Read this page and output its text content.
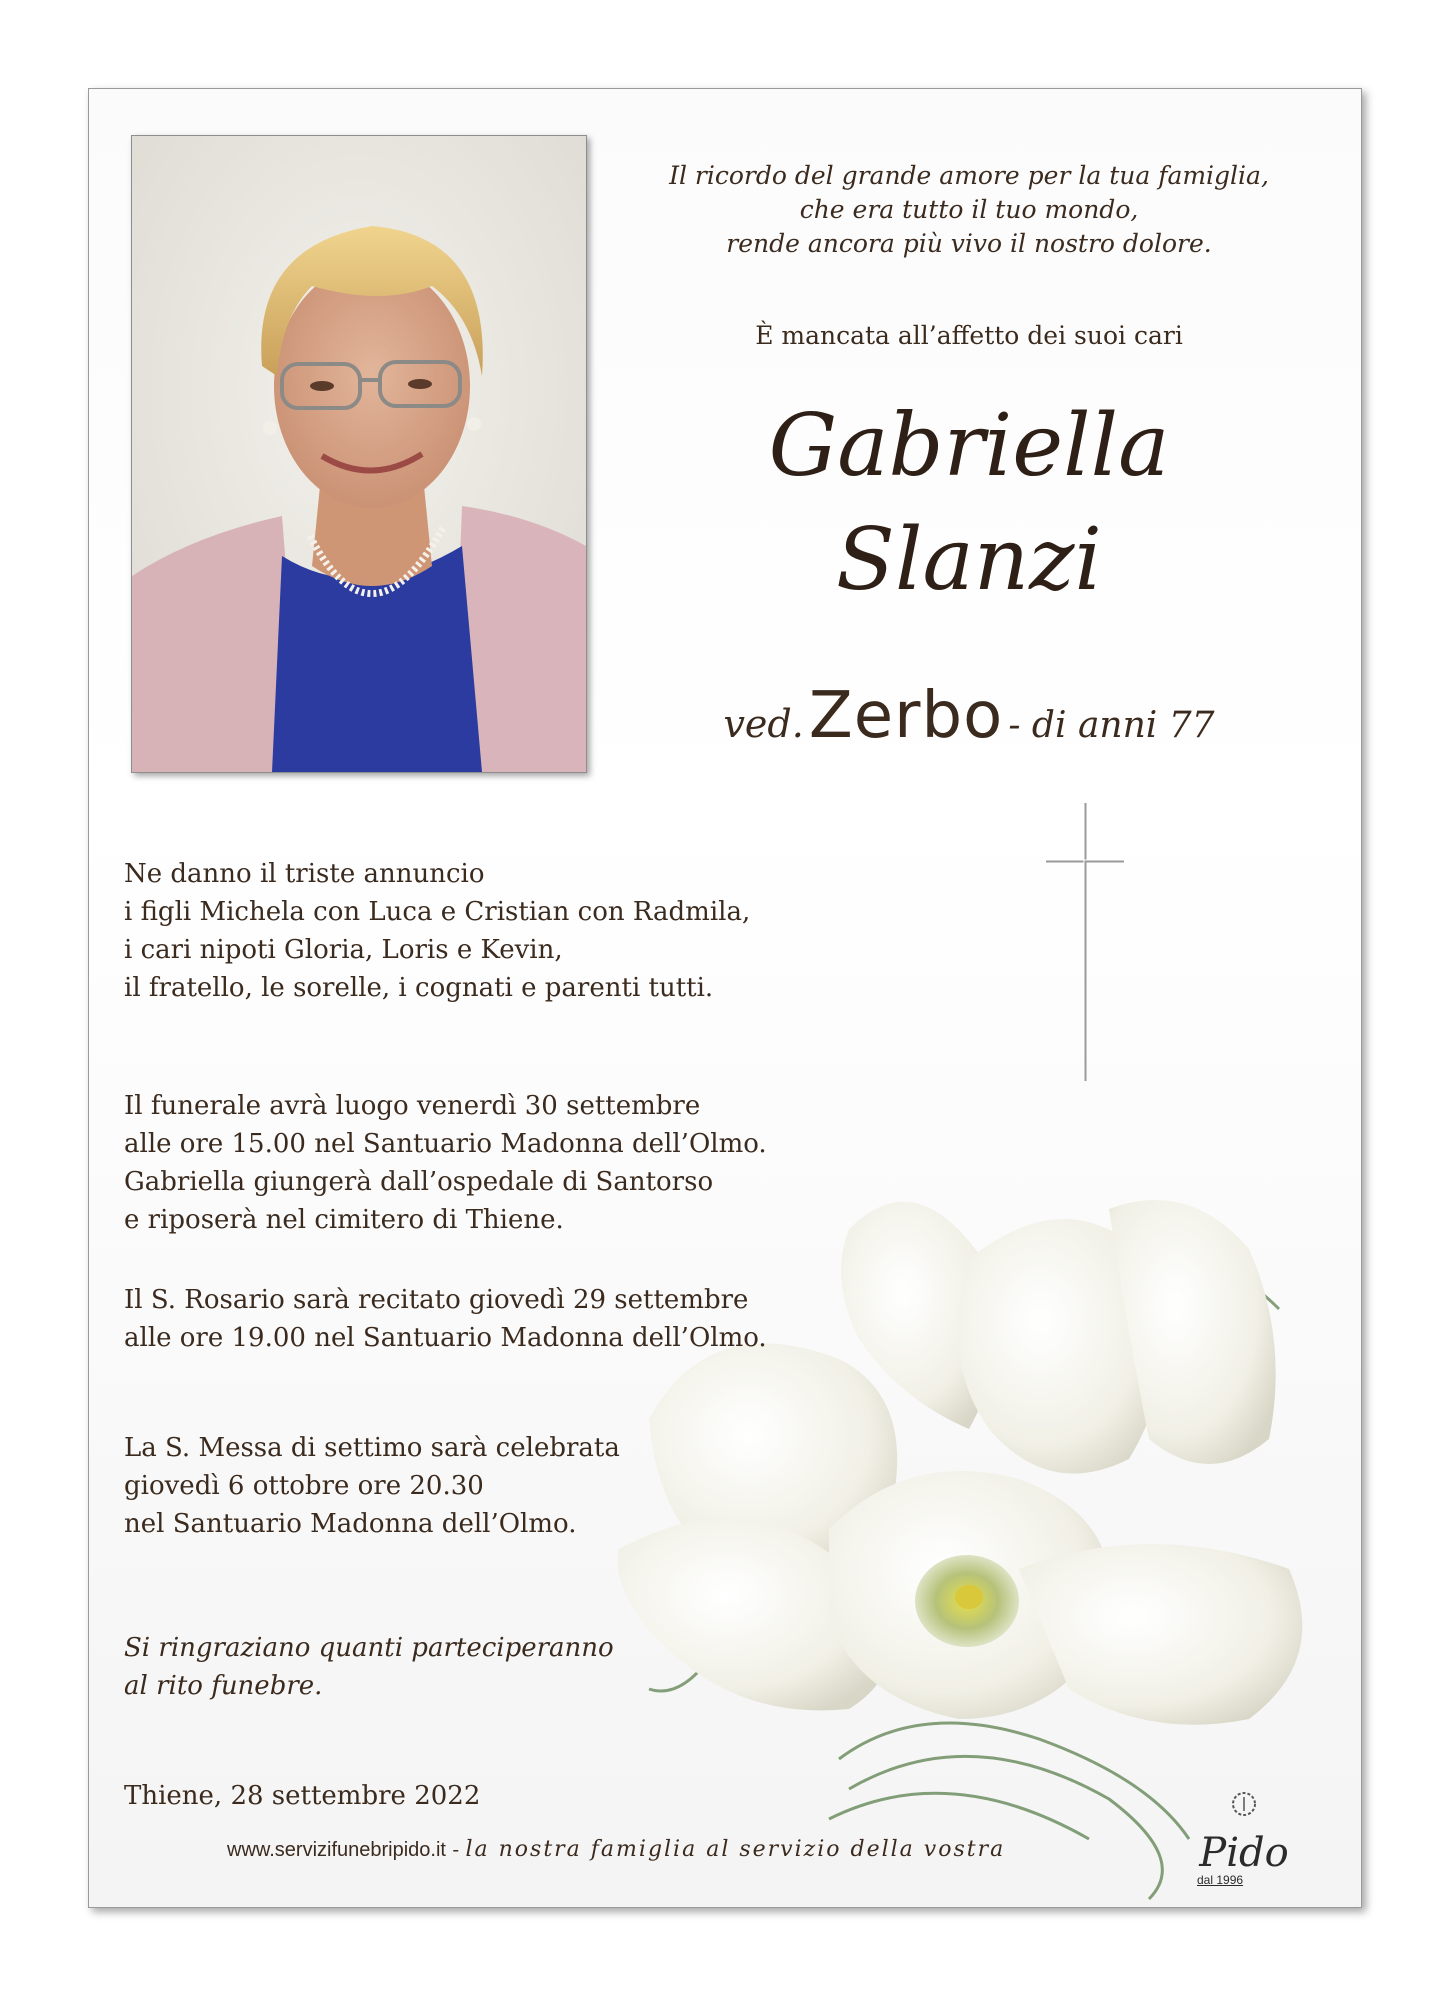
Il ricordo del grande amore per la tua famiglia,
che era tutto il tuo mondo,
rende ancora più vivo il nostro dolore.
È mancata all’affetto dei suoi cari
Gabriella
Slanzi
ved. Zerbo - di anni 77
Ne danno il triste annuncio
i figli Michela con Luca e Cristian con Radmila,
i cari nipoti Gloria, Loris e Kevin,
il fratello, le sorelle, i cognati e parenti tutti.
Il funerale avrà luogo venerdì 30 settembre
alle ore 15.00 nel Santuario Madonna dell’Olmo.
Gabriella giungerà dall’ospedale di Santorso
e riposerà nel cimitero di Thiene.
Il S. Rosario sarà recitato giovedì 29 settembre
alle ore 19.00 nel Santuario Madonna dell’Olmo.
La S. Messa di settimo sarà celebrata
giovedì 6 ottobre ore 20.30
nel Santuario Madonna dell’Olmo.
Si ringraziano quanti parteciperanno
al rito funebre.
Thiene, 28 settembre 2022
www.servizifunebripido.it - la nostra famiglia al servizio della vostra	Pido
dal 1996
